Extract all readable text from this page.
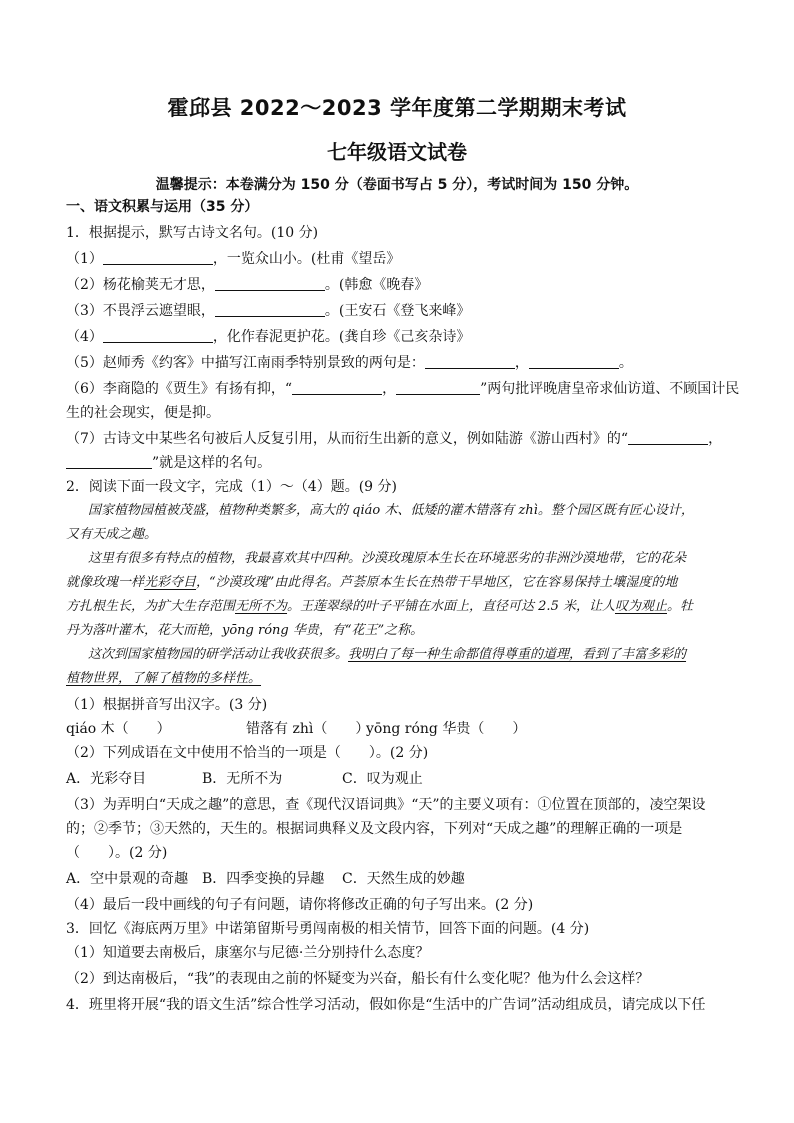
霍邱县 2022～2023 学年度第二学期期末考试
七年级语文试卷
温馨提示：本卷满分为 150 分（卷面书写占 5 分），考试时间为 150 分钟。
一、语文积累与运用（35 分）
1．根据提示，默写古诗文名句。(10 分)
（1）	，一览众山小。(杜甫《望岳》
（2）杨花榆荚无才思，	。(韩愈《晚春》
（3）不畏浮云遮望眼，	。(王安石《登飞来峰》
（4）	，化作春泥更护花。(龚自珍《己亥杂诗》
（5）赵师秀《约客》中描写江南雨季特别景致的两句是：	，	。
（6）李商隐的《贾生》有扬有抑，“	，	”两句批评晚唐皇帝求仙访道、不顾国计民
生的社会现实，便是抑。
（7）古诗文中某些名句被后人反复引用，从而衍生出新的意义，例如陆游《游山西村》的“	，
”就是这样的名句。
2．阅读下面一段文字，完成（1）～（4）题。(9 分)
国家植物园植被茂盛，植物种类繁多，高大的 qiáo 木、低矮的灌木错落有 zhì。整个园区既有匠心设计，
又有天成之趣。
这里有很多有特点的植物，我最喜欢其中四种。沙漠玫瑰原本生长在环境恶劣的非洲沙漠地带，它的花朵
就像玫瑰一样光彩夺目，“沙漠玫瑰”由此得名。芦荟原本生长在热带干旱地区，它在容易保持土壤湿度的地
方扎根生长，为扩大生存范围无所不为。王莲翠绿的叶子平铺在水面上，直径可达 2.5 米，让人叹为观止。牡
丹为落叶灌木，花大而艳，yōng róng 华贵，有“花王”之称。
这次到国家植物园的研学活动让我收获很多。我明白了每一种生命都值得尊重的道理，看到了丰富多彩的
植物世界，了解了植物的多样性。
（1）根据拼音写出汉字。(3 分)
qiáo 木（　　）	错落有 zhì（　　）yōng róng 华贵（　　）
（2）下列成语在文中使用不恰当的一项是（　　）。(2 分)
A．光彩夺目	B．无所不为	C．叹为观止
（3）为弄明白“天成之趣”的意思，查《现代汉语词典》“天”的主要义项有：①位置在顶部的，凌空架设
的；②季节；③天然的，天生的。根据词典释义及文段内容，下列对“天成之趣”的理解正确的一项是
（　　）。(2 分)
A．空中景观的奇趣 B．四季变换的异趣 C．天然生成的妙趣
（4）最后一段中画线的句子有问题，请你将修改正确的句子写出来。(2 分)
3．回忆《海底两万里》中诺第留斯号勇闯南极的相关情节，回答下面的问题。(4 分)
（1）知道要去南极后，康塞尔与尼德·兰分别持什么态度？
（2）到达南极后，“我”的表现由之前的怀疑变为兴奋，船长有什么变化呢？他为什么会这样？
4．班里将开展“我的语文生活”综合性学习活动，假如你是“生活中的广告词”活动组成员，请完成以下任
